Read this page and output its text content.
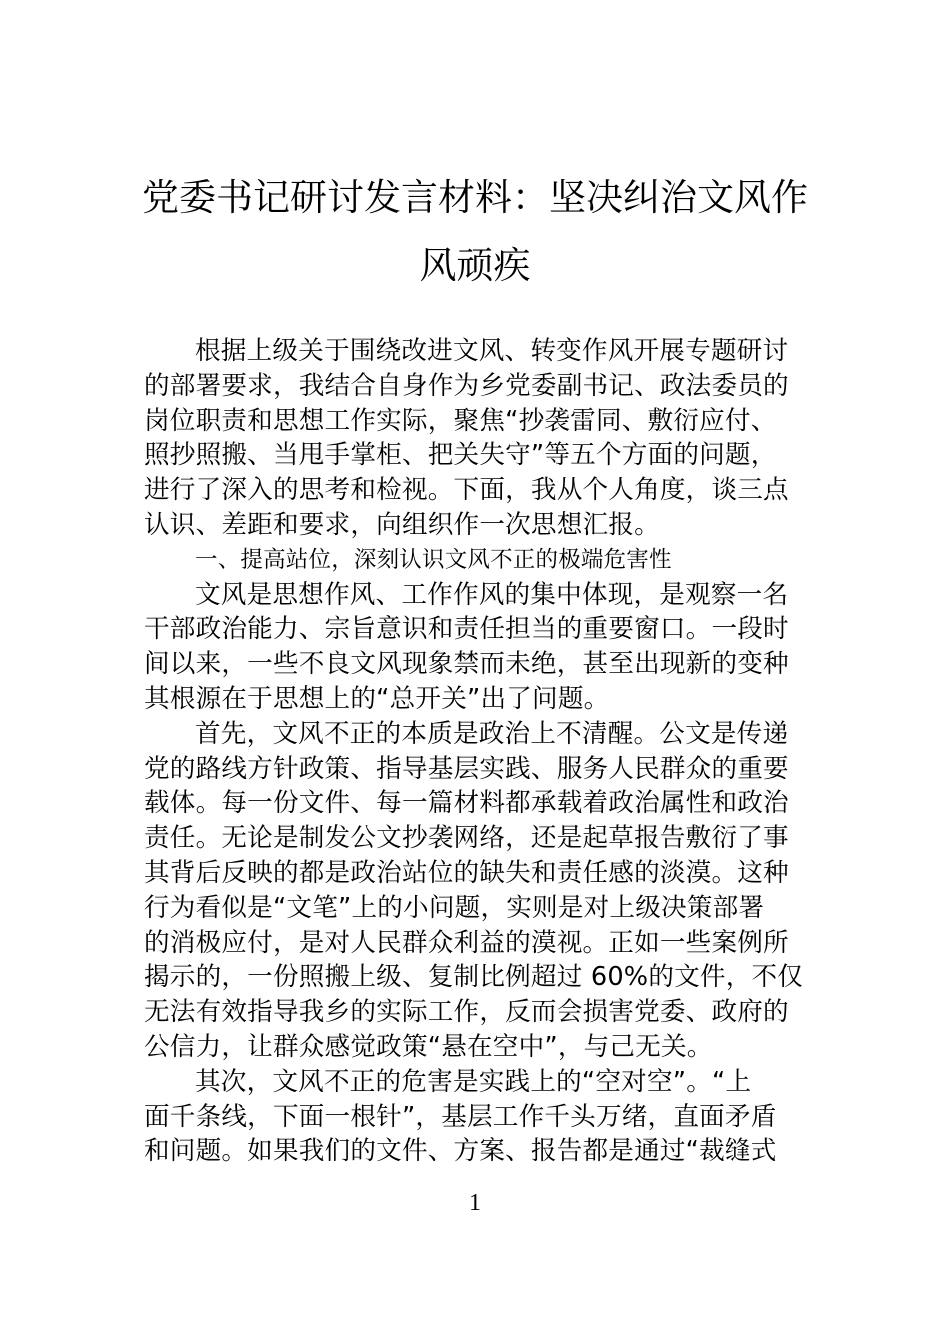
党委书记研讨发言材料：坚决纠治文风作
风顽疾
根据上级关于围绕改进文风、转变作风开展专题研讨
的部署要求，我结合自身作为乡党委副书记、政法委员的
岗位职责和思想工作实际，聚焦“抄袭雷同、敷衍应付、
照抄照搬、当甩手掌柜、把关失守”等五个方面的问题，
进行了深入的思考和检视。下面，我从个人角度，谈三点
认识、差距和要求，向组织作一次思想汇报。
一、提高站位，深刻认识文风不正的极端危害性
文风是思想作风、工作作风的集中体现，是观察一名
干部政治能力、宗旨意识和责任担当的重要窗口。一段时
间以来，一些不良文风现象禁而未绝，甚至出现新的变种
其根源在于思想上的“总开关”出了问题。
首先，文风不正的本质是政治上不清醒。公文是传递
党的路线方针政策、指导基层实践、服务人民群众的重要
载体。每一份文件、每一篇材料都承载着政治属性和政治
责任。无论是制发公文抄袭网络，还是起草报告敷衍了事
其背后反映的都是政治站位的缺失和责任感的淡漠。这种
行为看似是“文笔”上的小问题，实则是对上级决策部署
的消极应付，是对人民群众利益的漠视。正如一些案例所
揭示的，一份照搬上级、复制比例超过 60%的文件，不仅
无法有效指导我乡的实际工作，反而会损害党委、政府的
公信力，让群众感觉政策“悬在空中”，与己无关。
其次，文风不正的危害是实践上的“空对空”。“上
面千条线，下面一根针”，基层工作千头万绪，直面矛盾
和问题。如果我们的文件、方案、报告都是通过“裁缝式
1
